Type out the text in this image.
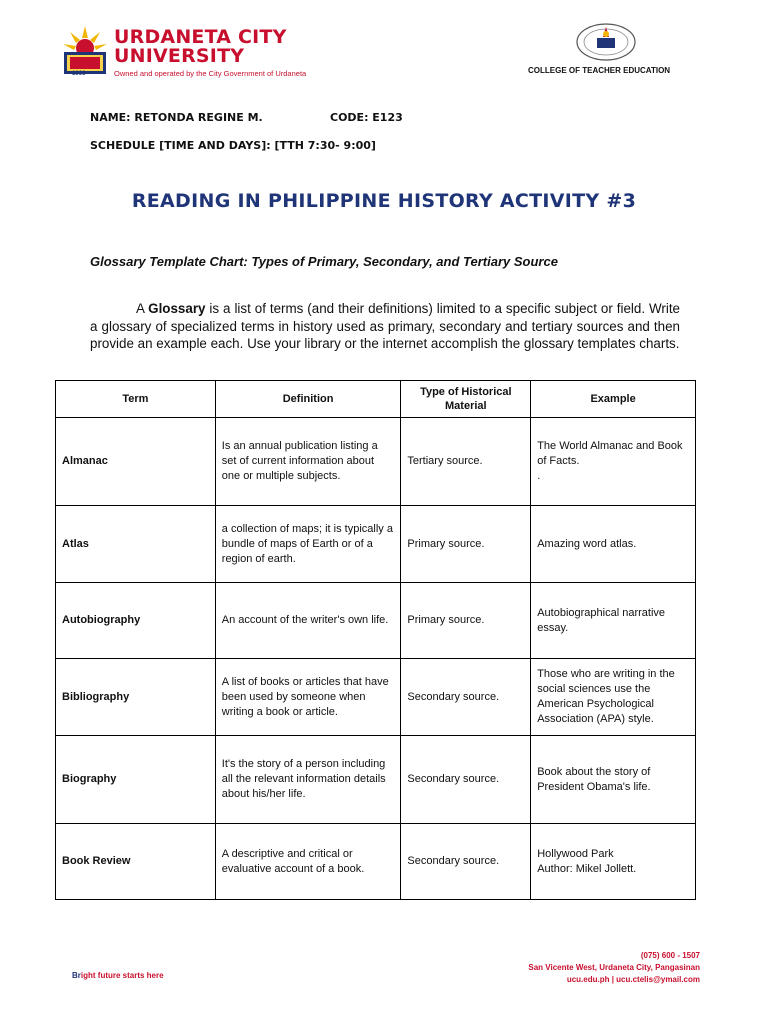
1966
URDANETA CITY
UNIVERSITY
Owned and operated by the City Government of Urdaneta	COLLEGE OF TEACHER EDUCATION
NAME: RETONDA REGINE M.	CODE: E123
SCHEDULE [TIME AND DAYS]: [TTH 7:30- 9:00]
READING IN PHILIPPINE HISTORY ACTIVITY #3
Glossary Template Chart: Types of Primary, Secondary, and Tertiary Source
A Glossary is a list of terms (and their definitions) limited to a specific subject or field. Write a glossary of specialized terms in history used as primary, secondary and tertiary sources and then provide an example each. Use your library or the internet accomplish the glossary templates charts.
Term	Definition	Type of Historical Material	Example
Almanac	Is an annual publication listing a set of current information about one or multiple subjects.	Tertiary source.	The World Almanac and Book of Facts.
.
Atlas	a collection of maps; it is typically a bundle of maps of Earth or of a region of earth.	Primary source.	Amazing word atlas.
Autobiography	An account of the writer's own life.	Primary source.	Autobiographical narrative essay.
Bibliography	A list of books or articles that have been used by someone when writing a book or article.	Secondary source.	Those who are writing in the social sciences use the American Psychological Association (APA) style.
Biography	It's the story of a person including all the relevant information details about his/her life.	Secondary source.	Book about the story of President Obama's life.
Book Review	A descriptive and critical or evaluative account of a book.	Secondary source.	Hollywood Park
Author: Mikel Jollett.
Bright future starts here
(075) 600 - 1507
San Vicente West, Urdaneta City, Pangasinan
ucu.edu.ph | ucu.ctelis@ymail.com
